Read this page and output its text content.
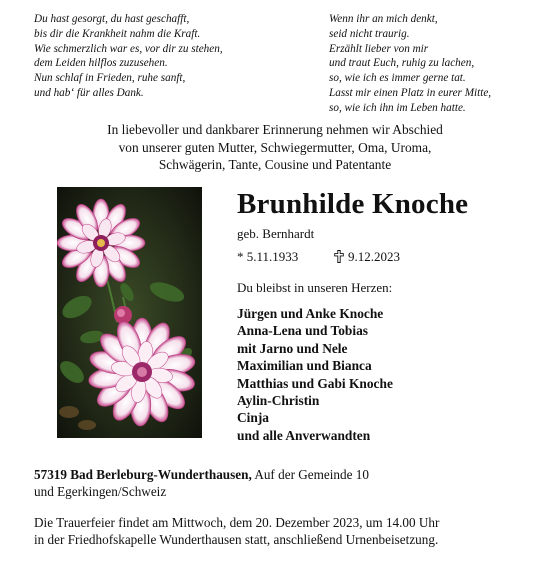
Du hast gesorgt, du hast geschafft,
bis dir die Krankheit nahm die Kraft.
Wie schmerzlich war es, vor dir zu stehen,
dem Leiden hilflos zuzusehen.
Nun schlaf in Frieden, ruhe sanft,
und hab‘ für alles Dank.
Wenn ihr an mich denkt,
seid nicht traurig.
Erzählt lieber von mir
und traut Euch, ruhig zu lachen,
so, wie ich es immer gerne tat.
Lasst mir einen Platz in eurer Mitte,
so, wie ich ihn im Leben hatte.
In liebevoller und dankbarer Erinnerung nehmen wir Abschied
von unserer guten Mutter, Schwiegermutter, Oma, Uroma,
Schwägerin, Tante, Cousine und Patentante
Brunhilde Knoche
geb. Bernhardt
* 5.11.1933	9.12.2023
Du bleibst in unseren Herzen:
Jürgen und Anke Knoche
Anna-Lena und Tobias
mit Jarno und Nele
Maximilian und Bianca
Matthias und Gabi Knoche
Aylin-Christin
Cinja
und alle Anverwandten
57319 Bad Berleburg-Wunderthausen, Auf der Gemeinde 10
und Egerkingen/Schweiz
Die Trauerfeier findet am Mittwoch, dem 20. Dezember 2023, um 14.00 Uhr
in der Friedhofskapelle Wunderthausen statt, anschließend Urnenbeisetzung.
